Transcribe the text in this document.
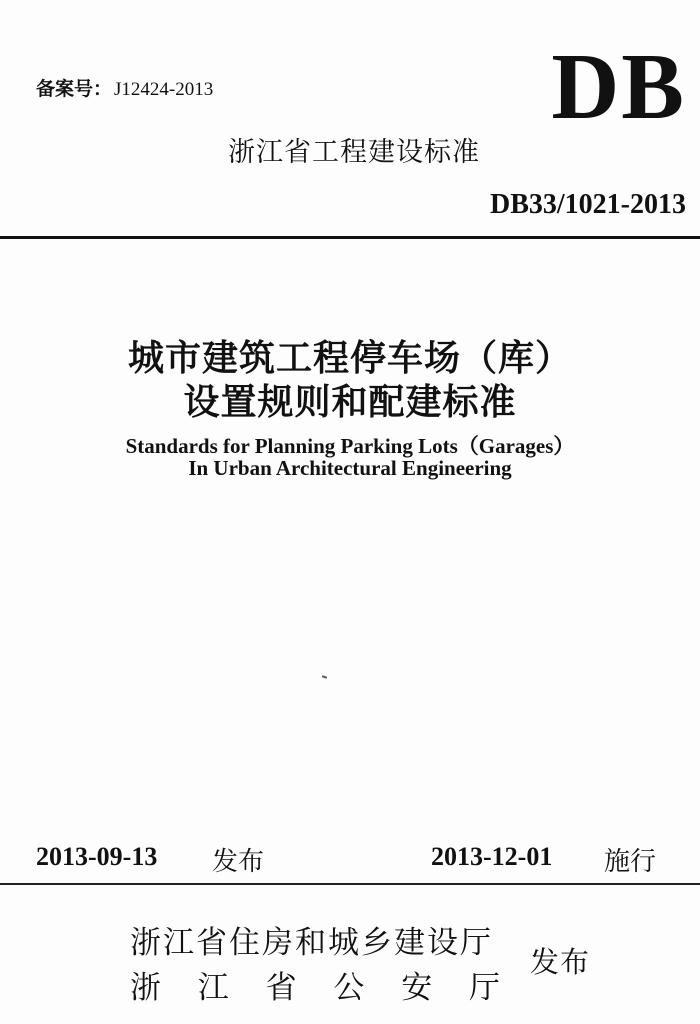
备案号： J12424-2013	DB
浙江省工程建设标准
DB33/1021-2013
城市建筑工程停车场（库）
设置规则和配建标准
Standards for Planning Parking Lots（Garages）
In Urban Architectural Engineering
2013-09-13 发布	2013-12-01 施行
浙江省住房和城乡建设厅
浙 江 省 公 安 厅
发布
